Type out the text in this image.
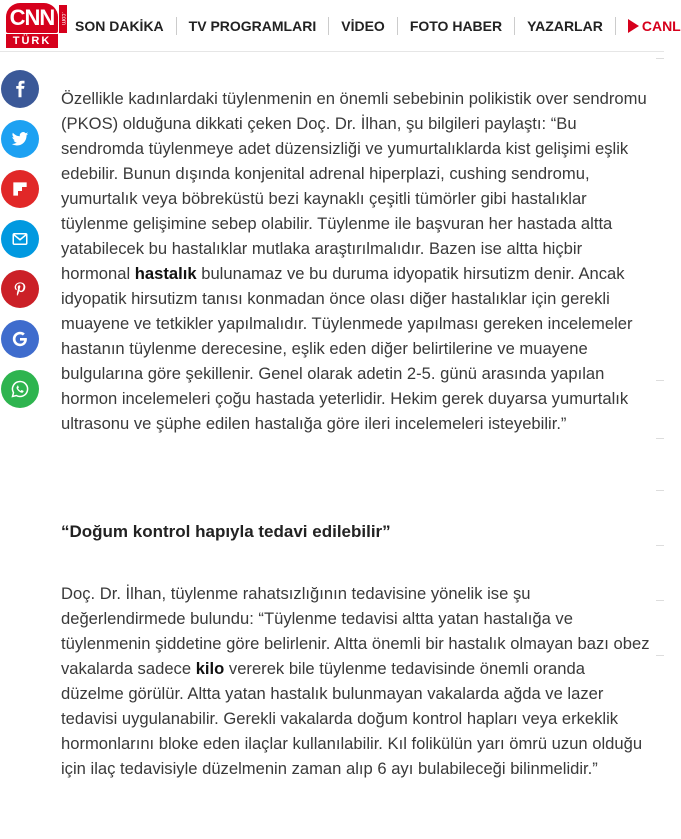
CNN .com
TÜRK
SON DAKİKA TV PROGRAMLARI VİDEO FOTO HABER YAZARLAR	CANL

Özellikle kadınlardaki tüylenmenin en önemli sebebinin polikistik over sendromu (PKOS) olduğuna dikkati çeken Doç. Dr. İlhan, şu bilgileri paylaştı: “Bu sendromda tüylenmeye adet düzensizliği ve yumurtalıklarda kist gelişimi eşlik edebilir. Bunun dışında konjenital adrenal hiperplazi, cushing sendromu, yumurtalık veya böbreküstü bezi kaynaklı çeşitli tümörler gibi hastalıklar tüylenme gelişimine sebep olabilir. Tüylenme ile başvuran her hastada altta yatabilecek bu hastalıklar mutlaka araştırılmalıdır. Bazen ise altta hiçbir hormonal hastalık bulunamaz ve bu duruma idyopatik hirsutizm denir. Ancak idyopatik hirsutizm tanısı konmadan önce olası diğer hastalıklar için gerekli muayene ve tetkikler yapılmalıdır. Tüylenmede yapılması gereken incelemeler hastanın tüylenme derecesine, eşlik eden diğer belirtilerine ve muayene bulgularına göre şekillenir. Genel olarak adetin 2-5. günü arasında yapılan hormon incelemeleri çoğu hastada yeterlidir. Hekim gerek duyarsa yumurtalık ultrasonu ve şüphe edilen hastalığa göre ileri incelemeleri isteyebilir.”

“Doğum kontrol hapıyla tedavi edilebilir”
Doç. Dr. İlhan, tüylenme rahatsızlığının tedavisine yönelik ise şu değerlendirmede bulundu: “Tüylenme tedavisi altta yatan hastalığa ve tüylenmenin şiddetine göre belirlenir. Altta önemli bir hastalık olmayan bazı obez vakalarda sadece kilo vererek bile tüylenme tedavisinde önemli oranda düzelme görülür. Altta yatan hastalık bulunmayan vakalarda ağda ve lazer tedavisi uygulanabilir. Gerekli vakalarda doğum kontrol hapları veya erkeklik hormonlarını bloke eden ilaçlar kullanılabilir. Kıl folikülün yarı ömrü uzun olduğu için ilaç tedavisiyle düzelmenin zaman alıp 6 ayı bulabileceği bilinmelidir.”
